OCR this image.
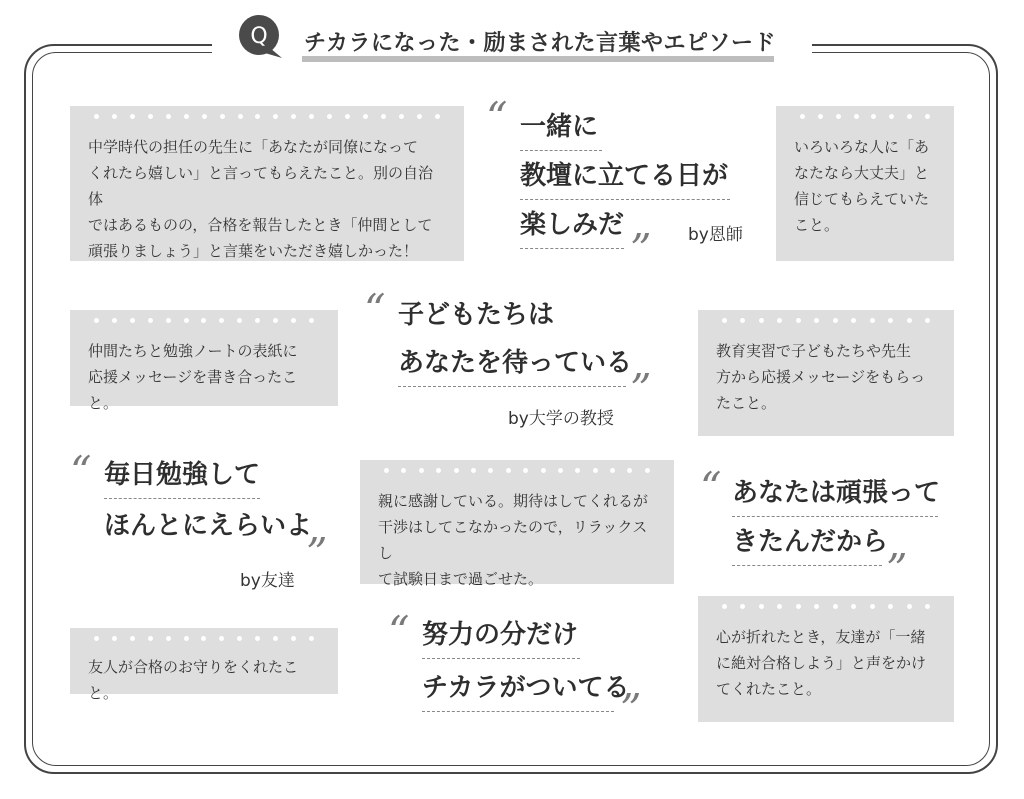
Q チカラになった・励まされた言葉やエピソード
中学時代の担任の先生に「あなたが同僚になって
くれたら嬉しい」と言ってもらえたこと。別の自治体
ではあるものの，合格を報告したとき「仲間として
頑張りましょう」と言葉をいただき嬉しかった！
いろいろな人に「あ
なたなら大丈夫」と
信じてもらえていた
こと。
仲間たちと勉強ノートの表紙に
応援メッセージを書き合ったこと。
教育実習で子どもたちや先生
方から応援メッセージをもらっ
たこと。
親に感謝している。期待はしてくれるが
干渉はしてこなかったので，リラックスし
て試験日まで過ごせた。
友人が合格のお守りをくれたこと。
心が折れたとき，友達が「一緒
に絶対合格しよう」と声をかけ
てくれたこと。
“ 一緒に
教壇に立てる日が
楽しみだ ” by恩師
“ 子どもたちは
あなたを待っている
”
by大学の教授
“ 毎日勉強して
ほんとにえらいよ
”
by友達
“ あなたは頑張って
きたんだから
”
“ 努力の分だけ
チカラがついてる
”
